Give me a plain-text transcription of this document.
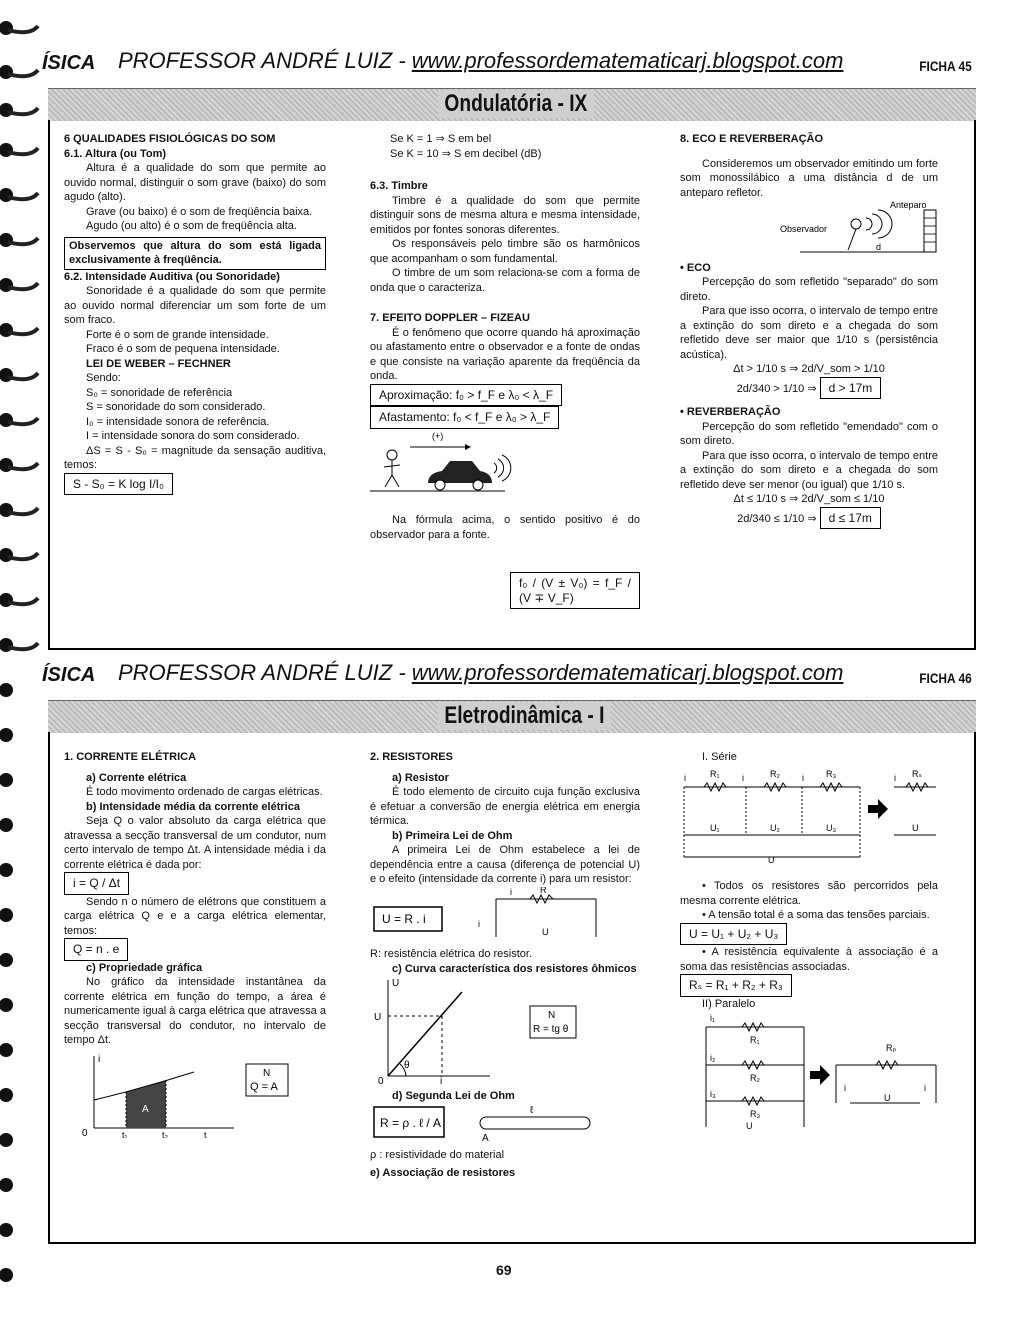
ÍSICA PROFESSOR ANDRÉ LUIZ - www.professordematematicarj.blogspot.com	FICHA 45
Ondulatória - IX

6 QUALIDADES FISIOLÓGICAS DO SOM

6.1. Altura (ou Tom)

Altura é a qualidade do som que permite ao ouvido normal, distinguir o som grave (baixo) do som agudo (alto).

Grave (ou baixo) é o som de freqüência baixa.

Agudo (ou alto) é o som de freqüência alta.

Observemos que altura do som está ligada exclusivamente à freqüência.

6.2. Intensidade Auditiva (ou Sonoridade)

Sonoridade é a qualidade do som que permite ao ouvido normal diferenciar um som forte de um som fraco.

Forte é o som de grande intensidade.

Fraco é o som de pequena intensidade.

LEI DE WEBER – FECHNER

Sendo:

S₀ = sonoridade de referência

S = sonoridade do som considerado.

I₀ = intensidade sonora de referência.

I = intensidade sonora do som considerado.

ΔS = S - S₀ = magnitude da sensação auditiva, temos:

S - S₀ = K log I/I₀

Se K = 1 ⇒ S em bel

Se K = 10 ⇒ S em decibel (dB)

6.3. Timbre

Timbre é a qualidade do som que permite distinguir sons de mesma altura e mesma intensidade, emitidos por fontes sonoras diferentes.

Os responsáveis pelo timbre são os harmônicos que acompanham o som fundamental.

O timbre de um som relaciona-se com a forma de onda que o caracteriza.

7. EFEITO DOPPLER – FIZEAU

É o fenômeno que ocorre quando há aproximação ou afastamento entre o observador e a fonte de ondas e que consiste na variação aparente da freqüência da onda.

Aproximação: f₀ > f_F e λ₀ < λ_F

Afastamento: f₀ < f_F e λ₀ > λ_F

(+)

f₀ / (V ± V₀) = f_F / (V ∓ V_F)

Na fórmula acima, o sentido positivo é do observador para a fonte.

8. ECO E REVERBERAÇÃO

Consideremos um observador emitindo um forte som monossilábico a uma distância d de um anteparo refletor.

Anteparo
Observador
d

• ECO

Percepção do som refletido "separado" do som direto.

Para que isso ocorra, o intervalo de tempo entre a extinção do som direto e a chegada do som refletido deve ser maior que 1/10 s (persistência acústica).

Δt > 1/10 s ⇒ 2d/V_som > 1/10

2d/340 > 1/10 ⇒ d > 17m

• REVERBERAÇÃO

Percepção do som refletido "emendado" com o som direto.

Para que isso ocorra, o intervalo de tempo entre a extinção do som direto e a chegada do som refletido deve ser menor (ou igual) que 1/10 s.

Δt ≤ 1/10 s ⇒ 2d/V_som ≤ 1/10

2d/340 ≤ 1/10 ⇒ d ≤ 17m

ÍSICA PROFESSOR ANDRÉ LUIZ - www.professordematematicarj.blogspot.com	FICHA 46
Eletrodinâmica - I

1. CORRENTE ELÉTRICA

a) Corrente elétrica

É todo movimento ordenado de cargas elétricas.

b) Intensidade média da corrente elétrica

Seja Q o valor absoluto da carga elétrica que atravessa a secção transversal de um condutor, num certo intervalo de tempo Δt. A intensidade média i da corrente elétrica é dada por:

i = Q / Δt

Sendo n o número de elétrons que constituem a carga elétrica Q e e a carga elétrica elementar, temos:

Q = n . e

c) Propriedade gráfica

No gráfico da intensidade instantânea da corrente elétrica em função do tempo, a área é numericamente igual à carga elétrica que atravessa a secção transversal do condutor, no intervalo de tempo Δt.

i
A
0	t₁	t₂	t
N
Q = A

2. RESISTORES

a) Resistor

É todo elemento de circuito cuja função exclusiva é efetuar a conversão de energia elétrica em energia térmica.

b) Primeira Lei de Ohm

A primeira Lei de Ohm estabelece a lei de dependência entre a causa (diferença de potencial U) e o efeito (intensidade da corrente i) para um resistor:

U = R . i
i	R
i
U

R: resistência elétrica do resistor.

c) Curva característica dos resistores ôhmicos

U
U
i
0
θ
N
R = tg θ

d) Segunda Lei de Ohm

R = ρ . ℓ / A
ℓ
A

ρ : resistividade do material

e) Associação de resistores

I. Série

R₁	R₂	R₃
i	i	i
U₁	U₂	U₃
U
Rₛ
i
U

• Todos os resistores são percorridos pela mesma corrente elétrica.

• A tensão total é a soma das tensões parciais.

U = U₁ + U₂ + U₃

• A resistência equivalente à associação é a soma das resistências associadas.

Rₛ = R₁ + R₂ + R₃

II) Paralelo

i₁
i₂
i₃
R₁
R₂
R₃
U
Rₚ
i	i
U
69
